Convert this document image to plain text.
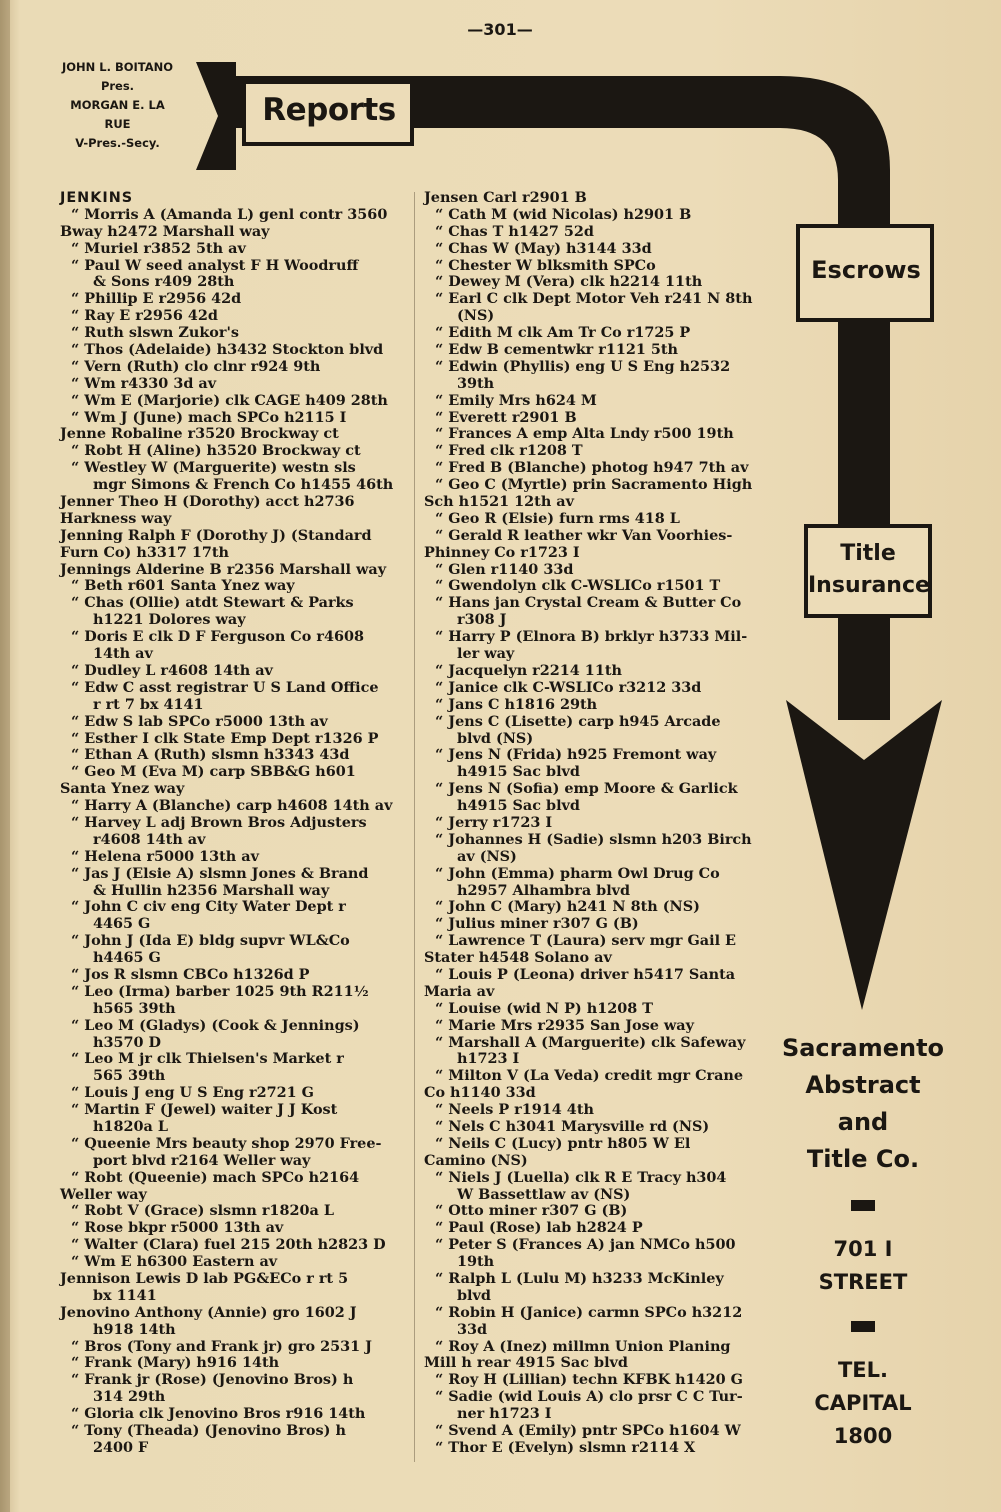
—301—
JOHN L. BOITANO
Pres.
MORGAN E. LA RUE
V-Pres.-Secy.
Reports
Escrows
Title Insurance
JENKINS
“ Morris A (Amanda L) genl contr 3560
Bway h2472 Marshall way
“ Muriel r3852 5th av
“ Paul W seed analyst F H Woodruff
& Sons r409 28th
“ Phillip E r2956 42d
“ Ray E r2956 42d
“ Ruth slswn Zukor's
“ Thos (Adelaide) h3432 Stockton blvd
“ Vern (Ruth) clo clnr r924 9th
“ Wm r4330 3d av
“ Wm E (Marjorie) clk CAGE h409 28th
“ Wm J (June) mach SPCo h2115 I
Jenne Robaline r3520 Brockway ct
“ Robt H (Aline) h3520 Brockway ct
“ Westley W (Marguerite) westn sls
mgr Simons & French Co h1455 46th
Jenner Theo H (Dorothy) acct h2736
Harkness way
Jenning Ralph F (Dorothy J) (Standard
Furn Co) h3317 17th
Jennings Alderine B r2356 Marshall way
“ Beth r601 Santa Ynez way
“ Chas (Ollie) atdt Stewart & Parks
h1221 Dolores way
“ Doris E clk D F Ferguson Co r4608
14th av
“ Dudley L r4608 14th av
“ Edw C asst registrar U S Land Office
r rt 7 bx 4141
“ Edw S lab SPCo r5000 13th av
“ Esther I clk State Emp Dept r1326 P
“ Ethan A (Ruth) slsmn h3343 43d
“ Geo M (Eva M) carp SBB&G h601
Santa Ynez way
“ Harry A (Blanche) carp h4608 14th av
“ Harvey L adj Brown Bros Adjusters
r4608 14th av
“ Helena r5000 13th av
“ Jas J (Elsie A) slsmn Jones & Brand
& Hullin h2356 Marshall way
“ John C civ eng City Water Dept r
4465 G
“ John J (Ida E) bldg supvr WL&Co
h4465 G
“ Jos R slsmn CBCo h1326d P
“ Leo (Irma) barber 1025 9th R211½
h565 39th
“ Leo M (Gladys) (Cook & Jennings)
h3570 D
“ Leo M jr clk Thielsen's Market r
565 39th
“ Louis J eng U S Eng r2721 G
“ Martin F (Jewel) waiter J J Kost
h1820a L
“ Queenie Mrs beauty shop 2970 Free-
port blvd r2164 Weller way
“ Robt (Queenie) mach SPCo h2164
Weller way
“ Robt V (Grace) slsmn r1820a L
“ Rose bkpr r5000 13th av
“ Walter (Clara) fuel 215 20th h2823 D
“ Wm E h6300 Eastern av
Jennison Lewis D lab PG&ECo r rt 5
bx 1141
Jenovino Anthony (Annie) gro 1602 J
h918 14th
“ Bros (Tony and Frank jr) gro 2531 J
“ Frank (Mary) h916 14th
“ Frank jr (Rose) (Jenovino Bros) h
314 29th
“ Gloria clk Jenovino Bros r916 14th
“ Tony (Theada) (Jenovino Bros) h
2400 F
Jensen Carl r2901 B
“ Cath M (wid Nicolas) h2901 B
“ Chas T h1427 52d
“ Chas W (May) h3144 33d
“ Chester W blksmith SPCo
“ Dewey M (Vera) clk h2214 11th
“ Earl C clk Dept Motor Veh r241 N 8th
(NS)
“ Edith M clk Am Tr Co r1725 P
“ Edw B cementwkr r1121 5th
“ Edwin (Phyllis) eng U S Eng h2532
39th
“ Emily Mrs h624 M
“ Everett r2901 B
“ Frances A emp Alta Lndy r500 19th
“ Fred clk r1208 T
“ Fred B (Blanche) photog h947 7th av
“ Geo C (Myrtle) prin Sacramento High
Sch h1521 12th av
“ Geo R (Elsie) furn rms 418 L
“ Gerald R leather wkr Van Voorhies-
Phinney Co r1723 I
“ Glen r1140 33d
“ Gwendolyn clk C-WSLICo r1501 T
“ Hans jan Crystal Cream & Butter Co
r308 J
“ Harry P (Elnora B) brklyr h3733 Mil-
ler way
“ Jacquelyn r2214 11th
“ Janice clk C-WSLICo r3212 33d
“ Jans C h1816 29th
“ Jens C (Lisette) carp h945 Arcade
blvd (NS)
“ Jens N (Frida) h925 Fremont way
h4915 Sac blvd
“ Jens N (Sofia) emp Moore & Garlick
h4915 Sac blvd
“ Jerry r1723 I
“ Johannes H (Sadie) slsmn h203 Birch
av (NS)
“ John (Emma) pharm Owl Drug Co
h2957 Alhambra blvd
“ John C (Mary) h241 N 8th (NS)
“ Julius miner r307 G (B)
“ Lawrence T (Laura) serv mgr Gail E
Stater h4548 Solano av
“ Louis P (Leona) driver h5417 Santa
Maria av
“ Louise (wid N P) h1208 T
“ Marie Mrs r2935 San Jose way
“ Marshall A (Marguerite) clk Safeway
h1723 I
“ Milton V (La Veda) credit mgr Crane
Co h1140 33d
“ Neels P r1914 4th
“ Nels C h3041 Marysville rd (NS)
“ Neils C (Lucy) pntr h805 W El
Camino (NS)
“ Niels J (Luella) clk R E Tracy h304
W Bassettlaw av (NS)
“ Otto miner r307 G (B)
“ Paul (Rose) lab h2824 P
“ Peter S (Frances A) jan NMCo h500
19th
“ Ralph L (Lulu M) h3233 McKinley
blvd
“ Robin H (Janice) carmn SPCo h3212
33d
“ Roy A (Inez) millmn Union Planing
Mill h rear 4915 Sac blvd
“ Roy H (Lillian) techn KFBK h1420 G
“ Sadie (wid Louis A) clo prsr C C Tur-
ner h1723 I
“ Svend A (Emily) pntr SPCo h1604 W
“ Thor E (Evelyn) slsmn r2114 X
Sacramento
Abstract
and
Title Co.
701 I
STREET
TEL.
CAPITAL
1800
